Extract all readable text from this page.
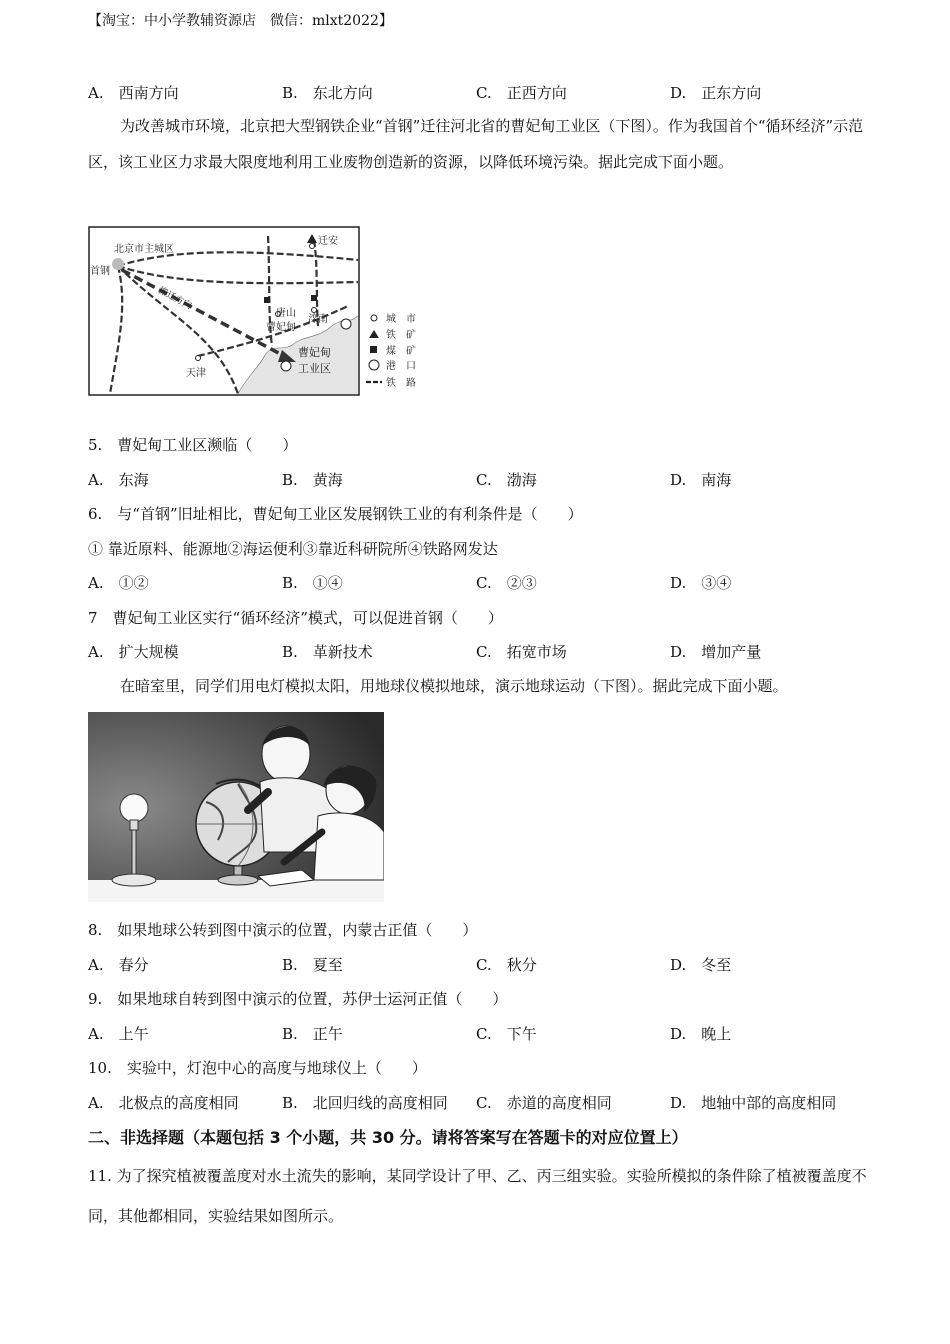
【淘宝：中小学教辅资源店　微信：mlxt2022】
A.　西南方向	B.　东北方向	C.　正西方向	D.　正东方向
为改善城市环境，北京把大型钢铁企业“首钢”迁往河北省的曹妃甸工业区（下图）。作为我国首个“循环经济”示范区，该工业区力求最大限度地利用工业废物创造新的资源，以降低环境污染。据此完成下面小题。
北京市主城区
首钢
迁安
唐山
滦南
曹妃甸
天津
曹妃甸
工业区
搬迁方向
城　市
铁　矿
煤　矿
港　口
铁　路
5.　曹妃甸工业区濒临（　　）
A.　东海	B.　黄海	C.　渤海	D.　南海
6.　与“首钢”旧址相比，曹妃甸工业区发展钢铁工业的有利条件是（　　）
① 靠近原料、能源地②海运便利③靠近科研院所④铁路网发达
A.　①②	B.　①④	C.　②③	D.　③④
7　曹妃甸工业区实行“循环经济”模式，可以促进首钢（　　）
A.　扩大规模	B.　革新技术	C.　拓宽市场	D.　增加产量
在暗室里，同学们用电灯模拟太阳，用地球仪模拟地球，演示地球运动（下图）。据此完成下面小题。
8.　如果地球公转到图中演示的位置，内蒙古正值（　　）
A.　春分	B.　夏至	C.　秋分	D.　冬至
9.　如果地球自转到图中演示的位置，苏伊士运河正值（　　）
A.　上午	B.　正午	C.　下午	D.　晚上
10.　实验中，灯泡中心的高度与地球仪上（　　）
A.　北极点的高度相同	B.　北回归线的高度相同 C.　赤道的高度相同	D.　地轴中部的高度相同
二、非选择题（本题包括 3 个小题，共 30 分。请将答案写在答题卡的对应位置上）
11. 为了探究植被覆盖度对水土流失的影响，某同学设计了甲、乙、丙三组实验。实验所模拟的条件除了植被覆盖度不同，其他都相同，实验结果如图所示。
